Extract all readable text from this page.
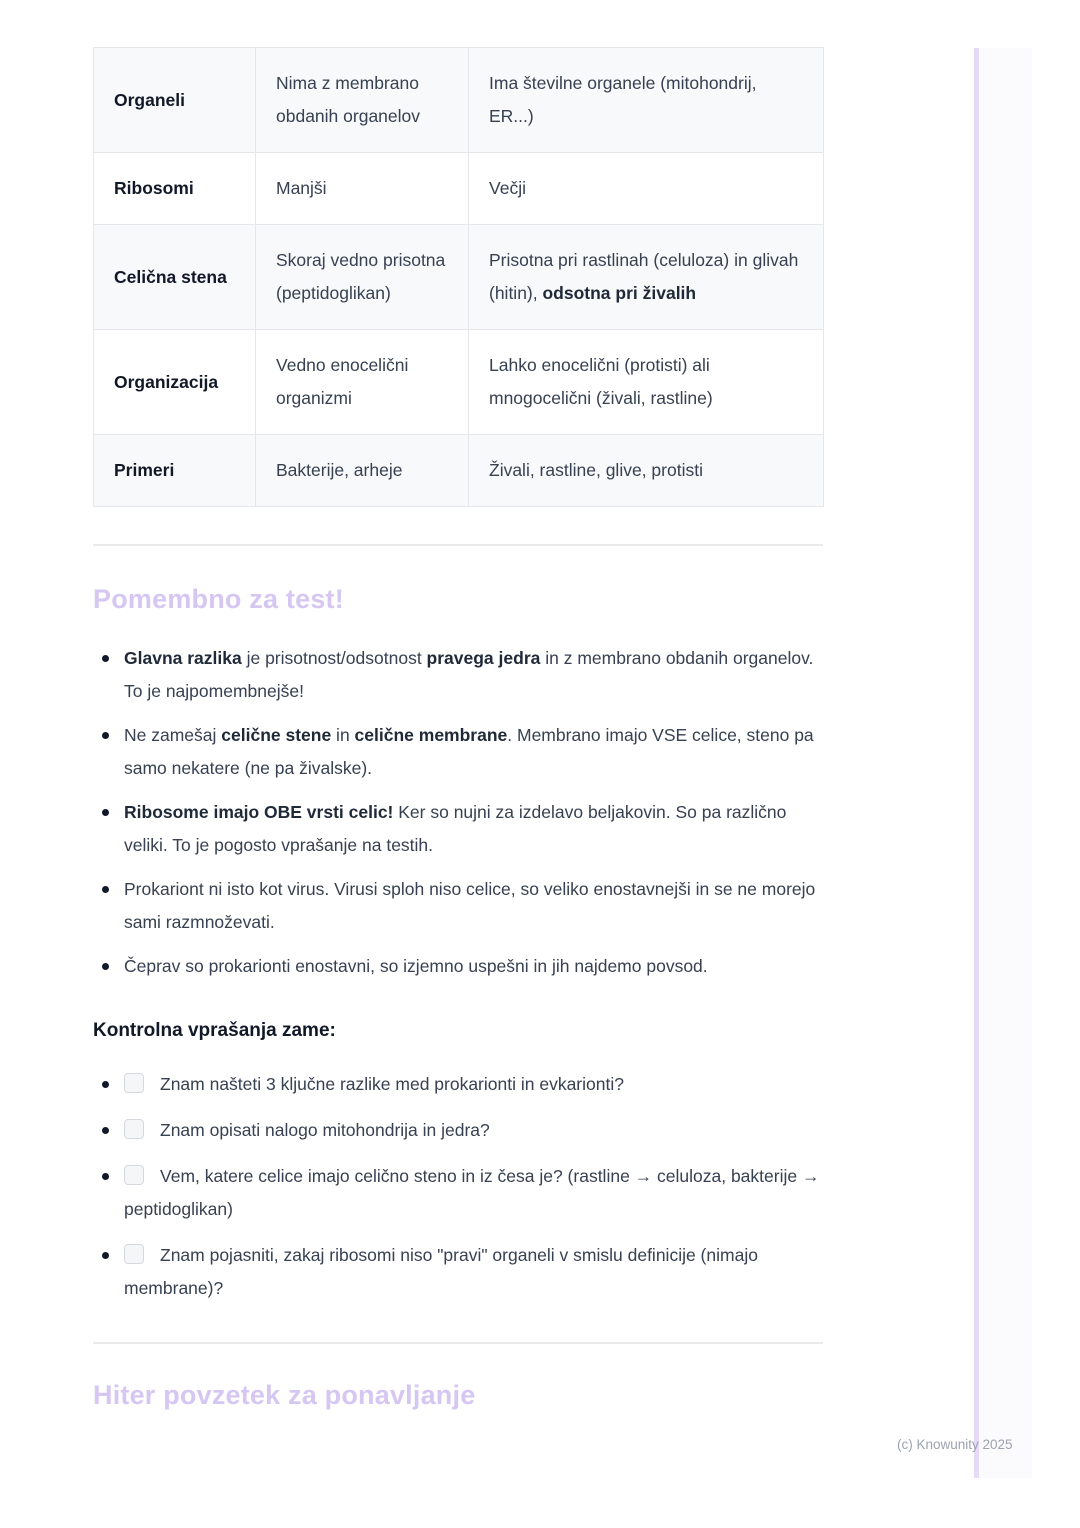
Organeli	Nima z membrano obdanih organelov	Ima številne organele (mitohondrij, ER...)
Ribosomi	Manjši	Večji
Celična stena	Skoraj vedno prisotna (peptidoglikan)	Prisotna pri rastlinah (celuloza) in glivah (hitin), odsotna pri živalih
Organizacija	Vedno enocelični organizmi	Lahko enocelični (protisti) ali mnogocelični (živali, rastline)
Primeri	Bakterije, arheje	Živali, rastline, glive, protisti
Pomembno za test!
Glavna razlika je prisotnost/odsotnost pravega jedra in z membrano obdanih organelov. To je najpomembnejše!
Ne zamešaj celične stene in celične membrane. Membrano imajo VSE celice, steno pa samo nekatere (ne pa živalske).
Ribosome imajo OBE vrsti celic! Ker so nujni za izdelavo beljakovin. So pa različno veliki. To je pogosto vprašanje na testih.
Prokariont ni isto kot virus. Virusi sploh niso celice, so veliko enostavnejši in se ne morejo sami razmnoževati.
Čeprav so prokarionti enostavni, so izjemno uspešni in jih najdemo povsod.
Kontrolna vprašanja zame:
Znam našteti 3 ključne razlike med prokarionti in evkarionti?
Znam opisati nalogo mitohondrija in jedra?
Vem, katere celice imajo celično steno in iz česa je? (rastline → celuloza, bakterije → peptidoglikan)
Znam pojasniti, zakaj ribosomi niso "pravi" organeli v smislu definicije (nimajo membrane)?
Hiter povzetek za ponavljanje
(c) Knowunity 2025
